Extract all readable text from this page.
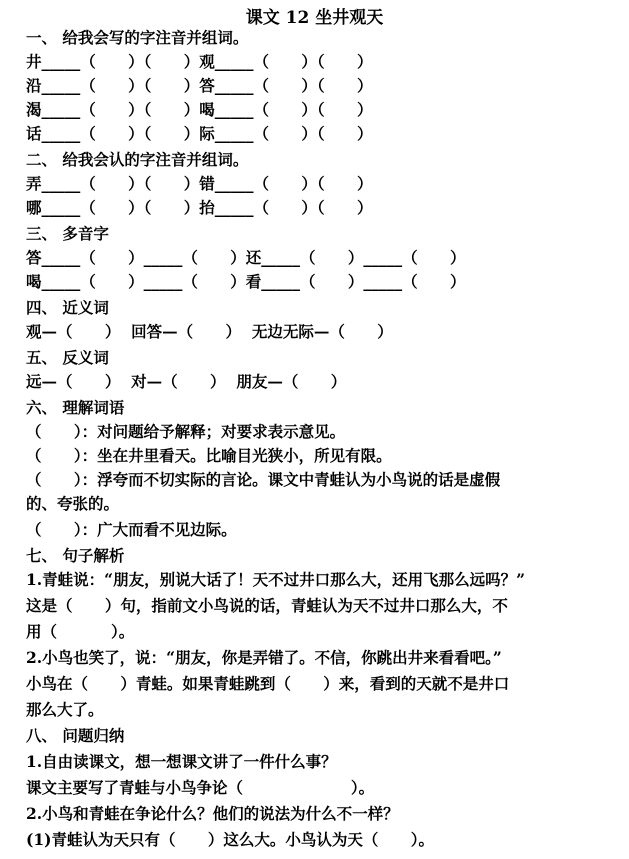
课文 12 坐井观天
一、 给我会写的字注音并组词。
井_____（      ）（      ）观_____（      ）（      ）
沿_____（      ）（      ）答_____（      ）（      ）
渴_____（      ）（      ）喝_____（      ）（      ）
话_____（      ）（      ）际_____（      ）（      ）
二、 给我会认的字注音并组词。
弄_____（      ）（      ）错_____（      ）（      ）
哪_____（      ）（      ）抬_____（      ）（      ）
三、 多音字
答_____（      ）_____（      ）还_____（      ）_____（      ）
喝_____（      ）_____（      ）看_____（      ）_____（      ）
四、 近义词
观—（      ）  回答—（      ）  无边无际—（      ）
五、 反义词
远—（      ）  对—（      ）  朋友—（      ）
六、 理解词语
（      ）：对问题给予解释；对要求表示意见。
（      ）：坐在井里看天。比喻目光狭小，所见有限。
（      ）：浮夸而不切实际的言论。课文中青蛙认为小鸟说的话是虚假
的、夸张的。
（      ）：广大而看不见边际。
七、 句子解析
1.青蛙说：“朋友，别说大话了！天不过井口那么大，还用飞那么远吗？”
这是（      ）句，指前文小鸟说的话，青蛙认为天不过井口那么大，不
用（          ）。
2.小鸟也笑了，说：“朋友，你是弄错了。不信，你跳出井来看看吧。”
小鸟在（      ）青蛙。如果青蛙跳到（      ）来，看到的天就不是井口
那么大了。
八、 问题归纳
1.自由读课文，想一想课文讲了一件什么事？
课文主要写了青蛙与小鸟争论（                    ）。
2.小鸟和青蛙在争论什么？他们的说法为什么不一样？
(1)青蛙认为天只有（      ）这么大。小鸟认为天（      ）。
